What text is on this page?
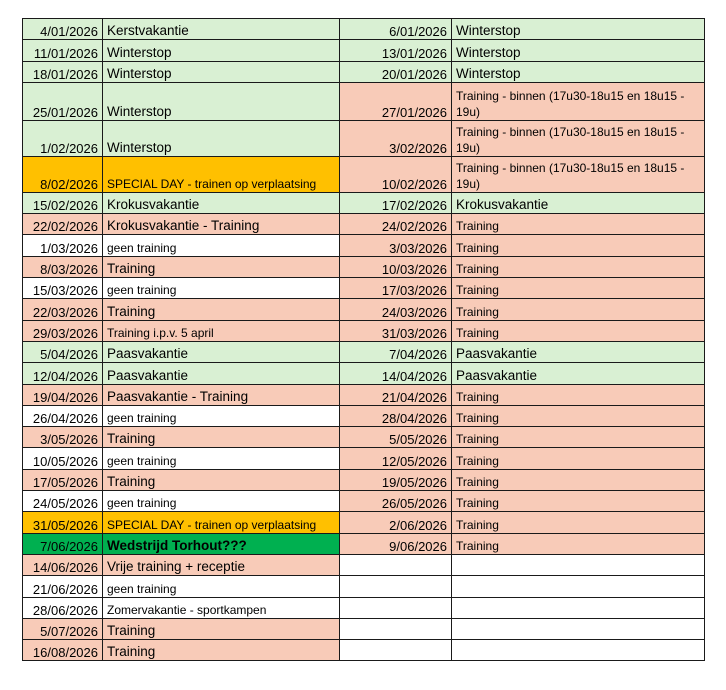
4/01/2026	Kerstvakantie	6/01/2026	Winterstop
11/01/2026	Winterstop	13/01/2026	Winterstop
18/01/2026	Winterstop	20/01/2026	Winterstop
25/01/2026	Winterstop	27/01/2026	Training - binnen (17u30-18u15 en 18u15 - 19u)
1/02/2026	Winterstop	3/02/2026	Training - binnen (17u30-18u15 en 18u15 - 19u)
8/02/2026	SPECIAL DAY - trainen op verplaatsing	10/02/2026	Training - binnen (17u30-18u15 en 18u15 - 19u)
15/02/2026	Krokusvakantie	17/02/2026	Krokusvakantie
22/02/2026	Krokusvakantie - Training	24/02/2026	Training
1/03/2026	geen training	3/03/2026	Training
8/03/2026	Training	10/03/2026	Training
15/03/2026	geen training	17/03/2026	Training
22/03/2026	Training	24/03/2026	Training
29/03/2026	Training i.p.v. 5 april	31/03/2026	Training
5/04/2026	Paasvakantie	7/04/2026	Paasvakantie
12/04/2026	Paasvakantie	14/04/2026	Paasvakantie
19/04/2026	Paasvakantie - Training	21/04/2026	Training
26/04/2026	geen training	28/04/2026	Training
3/05/2026	Training	5/05/2026	Training
10/05/2026	geen training	12/05/2026	Training
17/05/2026	Training	19/05/2026	Training
24/05/2026	geen training	26/05/2026	Training
31/05/2026	SPECIAL DAY - trainen op verplaatsing	2/06/2026	Training
7/06/2026	Wedstrijd Torhout???	9/06/2026	Training
14/06/2026	Vrije training + receptie		
21/06/2026	geen training		
28/06/2026	Zomervakantie - sportkampen		
5/07/2026	Training		
16/08/2026	Training		
